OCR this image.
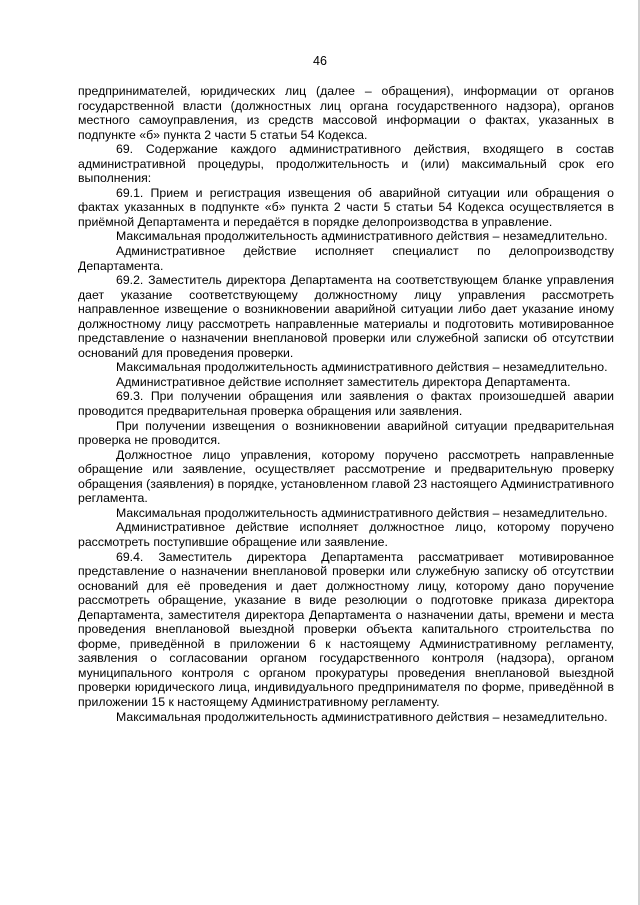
46

предпринимателей, юридических лиц (далее – обращения), информации от органов государственной власти (должностных лиц органа государственного надзора), органов местного самоуправления, из средств массовой информации о фактах, указанных в подпункте «б» пункта 2 части 5 статьи 54 Кодекса.

69. Содержание каждого административного действия, входящего в состав административной процедуры, продолжительность и (или) максимальный срок его выполнения:

69.1. Прием и регистрация извещения об аварийной ситуации или обращения о фактах указанных в подпункте «б» пункта 2 части 5 статьи 54 Кодекса осуществляется в приёмной Департамента и передаётся в порядке делопроизводства в управление.

Максимальная продолжительность административного действия – незамедлительно.

Административное действие исполняет специалист по делопроизводству Департамента.

69.2. Заместитель директора Департамента на соответствующем бланке управления дает указание соответствующему должностному лицу управления рассмотреть направленное извещение о возникновении аварийной ситуации либо дает указание иному должностному лицу рассмотреть направленные материалы и подготовить мотивированное представление о назначении внеплановой проверки или служебной записки об отсутствии оснований для проведения проверки.

Максимальная продолжительность административного действия – незамедлительно.

Административное действие исполняет заместитель директора Департамента.

69.3. При получении обращения или заявления о фактах произошедшей аварии проводится предварительная проверка обращения или заявления.

При получении извещения о возникновении аварийной ситуации предварительная проверка не проводится.

Должностное лицо управления, которому поручено рассмотреть направленные обращение или заявление, осуществляет рассмотрение и предварительную проверку обращения (заявления) в порядке, установленном главой 23 настоящего Административного регламента.

Максимальная продолжительность административного действия – незамедлительно.

Административное действие исполняет должностное лицо, которому поручено рассмотреть поступившие обращение или заявление.

69.4. Заместитель директора Департамента рассматривает мотивированное представление о назначении внеплановой проверки или служебную записку об отсутствии оснований для её проведения и дает должностному лицу, которому дано поручение рассмотреть обращение, указание в виде резолюции о подготовке приказа директора Департамента, заместителя директора Департамента о назначении даты, времени и места проведения внеплановой выездной проверки объекта капитального строительства по форме, приведённой в приложении 6 к настоящему Административному регламенту, заявления о согласовании органом государственного контроля (надзора), органом муниципального контроля с органом прокуратуры проведения внеплановой выездной проверки юридического лица, индивидуального предпринимателя по форме, приведённой в приложении 15 к настоящему Административному регламенту.

Максимальная продолжительность административного действия – незамедлительно.
